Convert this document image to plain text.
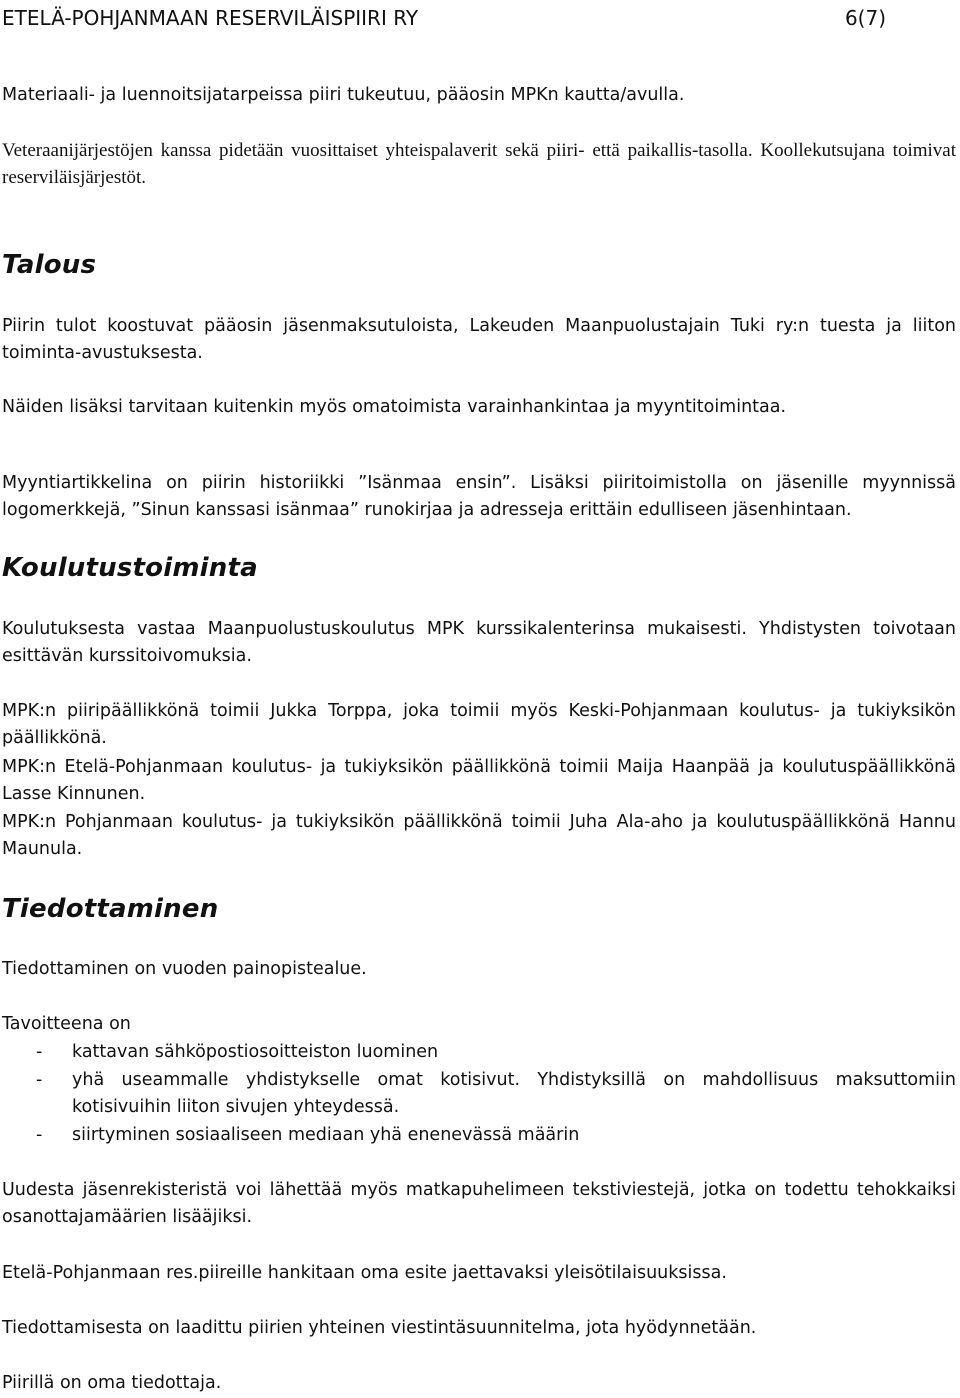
ETELÄ-POHJANMAAN RESERVILÄISPIIRI RY	6(7)
Materiaali- ja luennoitsijatarpeissa piiri tukeutuu, pääosin MPKn kautta/avulla.
Veteraanijärjestöjen kanssa pidetään vuosittaiset yhteispalaverit sekä piiri- että paikallis-tasolla. Koollekutsujana toimivat reserviläisjärjestöt.
Talous
Piirin tulot koostuvat pääosin jäsenmaksutuloista, Lakeuden Maanpuolustajain Tuki ry:n tuesta ja liiton toiminta-avustuksesta.
Näiden lisäksi tarvitaan kuitenkin myös omatoimista varainhankintaa ja myyntitoimintaa.
Myyntiartikkelina on piirin historiikki ”Isänmaa ensin”. Lisäksi piiritoimistolla on jäsenille myynnissä logomerkkejä, ”Sinun kanssasi isänmaa” runokirjaa ja adresseja erittäin edulliseen jäsenhintaan.
Koulutustoiminta
Koulutuksesta vastaa Maanpuolustuskoulutus MPK kurssikalenterinsa mukaisesti. Yhdistysten toivotaan esittävän kurssitoivomuksia.
MPK:n piiripäällikkönä toimii Jukka Torppa, joka toimii myös Keski-Pohjanmaan koulutus- ja tukiyksikön päällikkönä.
MPK:n Etelä-Pohjanmaan koulutus- ja tukiyksikön päällikkönä toimii Maija Haanpää ja koulutuspäällikkönä Lasse Kinnunen.
MPK:n Pohjanmaan koulutus- ja tukiyksikön päällikkönä toimii Juha Ala-aho ja koulutuspäällikkönä Hannu Maunula.
Tiedottaminen
Tiedottaminen on vuoden painopistealue.
Tavoitteena on
- kattavan sähköpostiosoitteiston luominen
- yhä useammalle yhdistykselle omat kotisivut. Yhdistyksillä on mahdollisuus maksuttomiin kotisivuihin liiton sivujen yhteydessä.
- siirtyminen sosiaaliseen mediaan yhä enenevässä määrin
Uudesta jäsenrekisteristä voi lähettää myös matkapuhelimeen tekstiviestejä, jotka on todettu tehokkaiksi osanottajamäärien lisääjiksi.
Etelä-Pohjanmaan res.piireille hankitaan oma esite jaettavaksi yleisötilaisuuksissa.
Tiedottamisesta on laadittu piirien yhteinen viestintäsuunnitelma, jota hyödynnetään.
Piirillä on oma tiedottaja.
